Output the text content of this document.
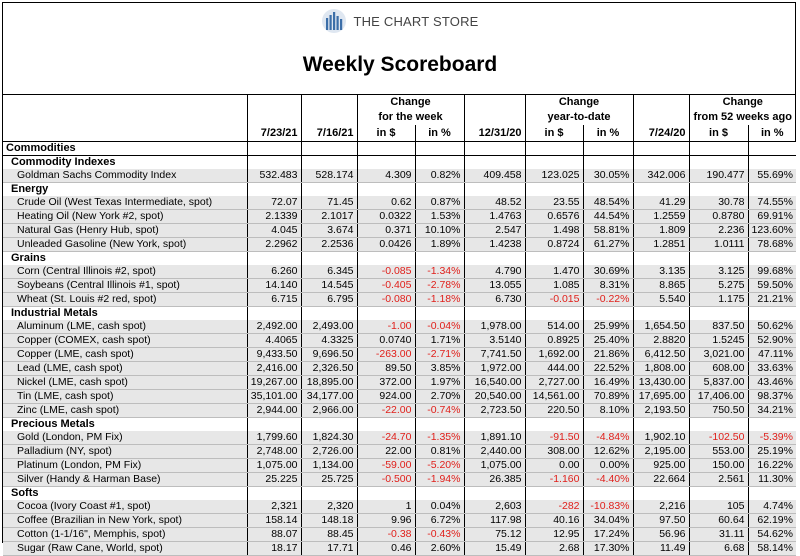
THE CHART STORE
Weekly Scoreboard
			Change			Change			Change	
			for the week			year-to-date			from 52 weeks ago	
	7/23/21	7/16/21	in $	in %	12/31/20	in $	in %	7/24/20	in $	in %
Commodities										
Commodity Indexes										
Goldman Sachs Commodity Index	532.483	528.174	4.309	0.82%	409.458	123.025	30.05%	342.006	190.477	55.69%
Energy										
Crude Oil (West Texas Intermediate, spot)	72.07	71.45	0.62	0.87%	48.52	23.55	48.54%	41.29	30.78	74.55%
Heating Oil (New York #2, spot)	2.1339	2.1017	0.0322	1.53%	1.4763	0.6576	44.54%	1.2559	0.8780	69.91%
Natural Gas (Henry Hub, spot)	4.045	3.674	0.371	10.10%	2.547	1.498	58.81%	1.809	2.236	123.60%
Unleaded Gasoline (New York, spot)	2.2962	2.2536	0.0426	1.89%	1.4238	0.8724	61.27%	1.2851	1.0111	78.68%
Grains										
Corn (Central Illinois #2, spot)	6.260	6.345	-0.085	-1.34%	4.790	1.470	30.69%	3.135	3.125	99.68%
Soybeans (Central Illinois #1, spot)	14.140	14.545	-0.405	-2.78%	13.055	1.085	8.31%	8.865	5.275	59.50%
Wheat (St. Louis #2 red, spot)	6.715	6.795	-0.080	-1.18%	6.730	-0.015	-0.22%	5.540	1.175	21.21%
Industrial Metals										
Aluminum (LME, cash spot)	2,492.00	2,493.00	-1.00	-0.04%	1,978.00	514.00	25.99%	1,654.50	837.50	50.62%
Copper (COMEX, cash spot)	4.4065	4.3325	0.0740	1.71%	3.5140	0.8925	25.40%	2.8820	1.5245	52.90%
Copper (LME, cash spot)	9,433.50	9,696.50	-263.00	-2.71%	7,741.50	1,692.00	21.86%	6,412.50	3,021.00	47.11%
Lead (LME, cash spot)	2,416.00	2,326.50	89.50	3.85%	1,972.00	444.00	22.52%	1,808.00	608.00	33.63%
Nickel (LME, cash spot)	19,267.00	18,895.00	372.00	1.97%	16,540.00	2,727.00	16.49%	13,430.00	5,837.00	43.46%
Tin (LME, cash spot)	35,101.00	34,177.00	924.00	2.70%	20,540.00	14,561.00	70.89%	17,695.00	17,406.00	98.37%
Zinc (LME, cash spot)	2,944.00	2,966.00	-22.00	-0.74%	2,723.50	220.50	8.10%	2,193.50	750.50	34.21%
Precious Metals										
Gold (London, PM Fix)	1,799.60	1,824.30	-24.70	-1.35%	1,891.10	-91.50	-4.84%	1,902.10	-102.50	-5.39%
Palladium (NY, spot)	2,748.00	2,726.00	22.00	0.81%	2,440.00	308.00	12.62%	2,195.00	553.00	25.19%
Platinum (London, PM Fix)	1,075.00	1,134.00	-59.00	-5.20%	1,075.00	0.00	0.00%	925.00	150.00	16.22%
Silver (Handy & Harman Base)	25.225	25.725	-0.500	-1.94%	26.385	-1.160	-4.40%	22.664	2.561	11.30%
Softs										
Cocoa (Ivory Coast #1, spot)	2,321	2,320	1	0.04%	2,603	-282	-10.83%	2,216	105	4.74%
Coffee (Brazilian in New York, spot)	158.14	148.18	9.96	6.72%	117.98	40.16	34.04%	97.50	60.64	62.19%
Cotton (1-1/16", Memphis, spot)	88.07	88.45	-0.38	-0.43%	75.12	12.95	17.24%	56.96	31.11	54.62%
Sugar (Raw Cane, World, spot)	18.17	17.71	0.46	2.60%	15.49	2.68	17.30%	11.49	6.68	58.14%
